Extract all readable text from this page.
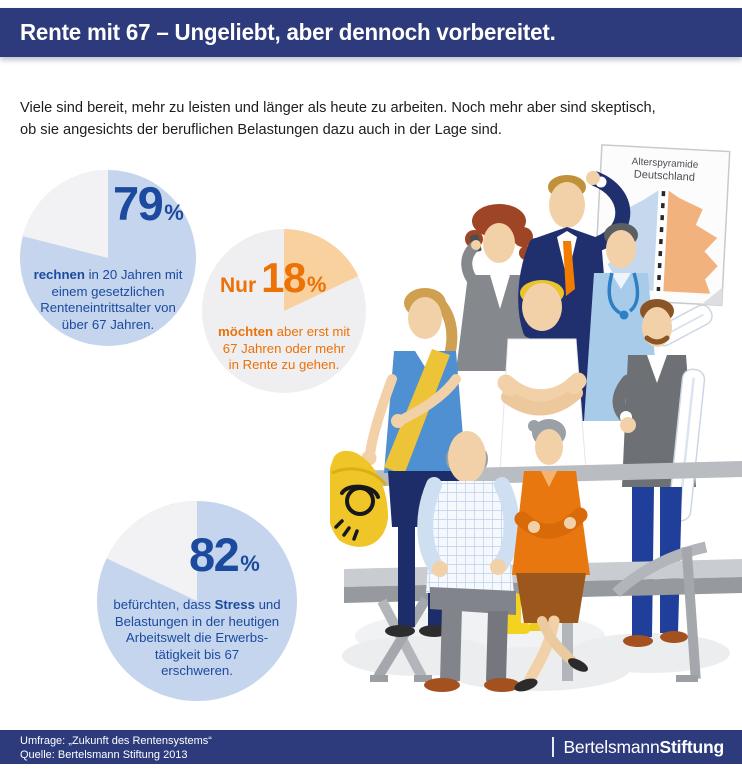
Rente mit 67 – Ungeliebt, aber dennoch vorbereitet.

Viele sind bereit, mehr zu leisten und länger als heute zu arbeiten. Noch mehr aber sind skeptisch,
ob sie angesichts der beruflichen Belastungen dazu auch in der Lage sind.

79 %
rechnen in 20 Jahren mit
einem gesetzlichen
Renteneintrittsalter von
über 67 Jahren.
Nur 18 %
möchten aber erst mit
67 Jahren oder mehr
in Rente zu gehen.
82 %
befürchten, dass Stress und
Belastungen in der heutigen
Arbeitswelt die Erwerbs-
tätigkeit bis 67
erschweren.
Alterspyramide
Deutschland
Umfrage: „Zukunft des Rentensystems“
Quelle: Bertelsmann Stiftung 2013	Bertelsmann Stiftung
